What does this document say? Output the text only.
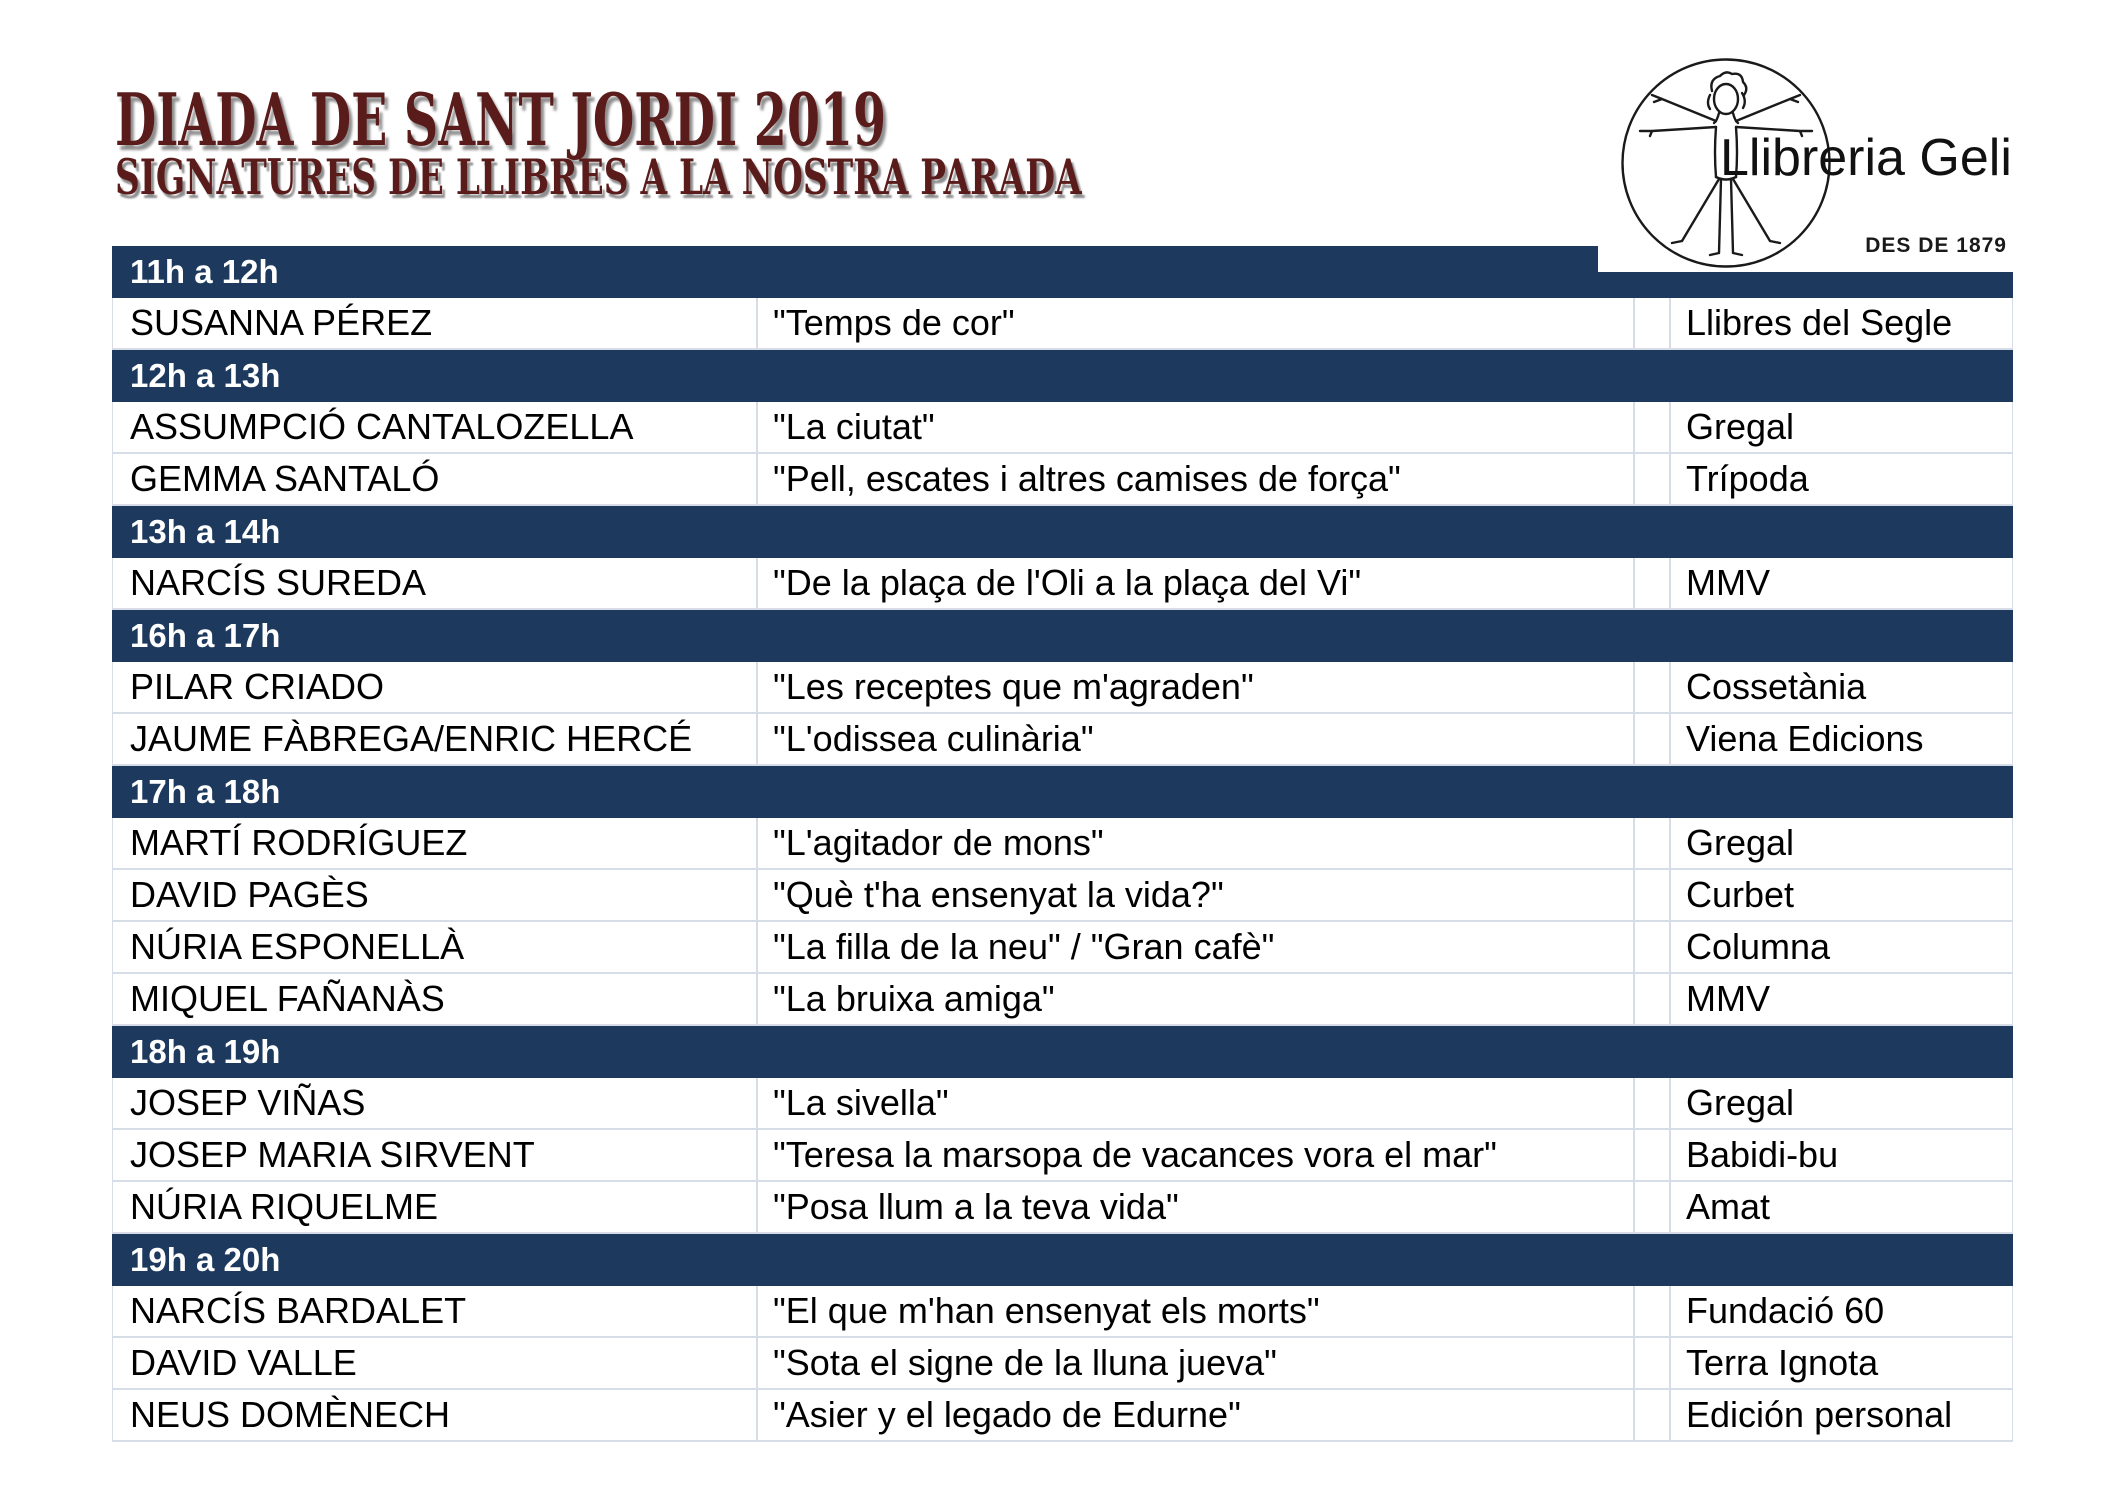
DIADA DE SANT JORDI 2019
SIGNATURES DE LLIBRES A LA NOSTRA PARADA
11h a 12h
SUSANNA PÉREZ	"Temps de cor"	Llibres del Segle
12h a 13h
ASSUMPCIÓ CANTALOZELLA	"La ciutat"	Gregal
GEMMA SANTALÓ	"Pell, escates i altres camises de força"	Trípoda
13h a 14h
NARCÍS SUREDA	"De la plaça de l'Oli a la plaça del Vi"	MMV
16h a 17h
PILAR CRIADO	"Les receptes que m'agraden"	Cossetània
JAUME FÀBREGA/ENRIC HERCÉ	"L'odissea culinària"	Viena Edicions
17h a 18h
MARTÍ RODRÍGUEZ	"L'agitador de mons"	Gregal
DAVID PAGÈS	"Què t'ha ensenyat la vida?"	Curbet
NÚRIA ESPONELLÀ	"La filla de la neu" / "Gran cafè"	Columna
MIQUEL FAÑANÀS	"La bruixa amiga"	MMV
18h a 19h
JOSEP VIÑAS	"La sivella"	Gregal
JOSEP MARIA SIRVENT	"Teresa la marsopa de vacances vora el mar"	Babidi-bu
NÚRIA RIQUELME	"Posa llum a la teva vida"	Amat
19h a 20h
NARCÍS BARDALET	"El que m'han ensenyat els morts"	Fundació 60
DAVID VALLE	"Sota el signe de la lluna jueva"	Terra Ignota
NEUS DOMÈNECH	"Asier y el legado de Edurne"	Edición personal
Llibreria Geli
DES DE 1879
